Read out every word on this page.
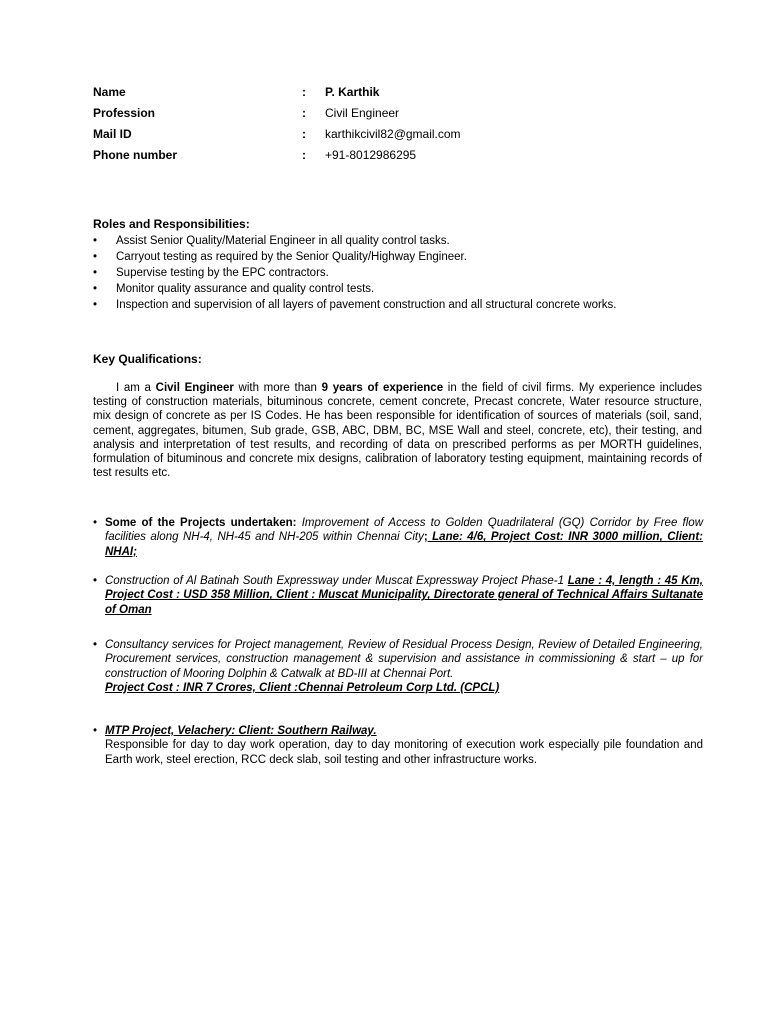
Name	: P. Karthik
Profession	: Civil Engineer
Mail ID	: karthikcivil82@gmail.com
Phone number	: +91-8012986295
Roles and Responsibilities:
• Assist Senior Quality/Material Engineer in all quality control tasks.
• Carryout testing as required by the Senior Quality/Highway Engineer.
• Supervise testing by the EPC contractors.
• Monitor quality assurance and quality control tests.
• Inspection and supervision of all layers of pavement construction and all structural concrete works.
Key Qualifications:

I am a Civil Engineer with more than 9 years of experience in the field of civil firms. My experience includes testing of construction materials, bituminous concrete, cement concrete, Precast concrete, Water resource structure, mix design of concrete as per IS Codes. He has been responsible for identification of sources of materials (soil, sand, cement, aggregates, bitumen, Sub grade, GSB, ABC, DBM, BC, MSE Wall and steel, concrete, etc), their testing, and analysis and interpretation of test results, and recording of data on prescribed performs as per MORTH guidelines, formulation of bituminous and concrete mix designs, calibration of laboratory testing equipment, maintaining records of test results etc.

• Some of the Projects undertaken: Improvement of Access to Golden Quadrilateral (GQ) Corridor by Free flow facilities along NH-4, NH-45 and NH-205 within Chennai City; Lane: 4/6, Project Cost: INR 3000 million, Client: NHAI;
• Construction of Al Batinah South Expressway under Muscat Expressway Project Phase-1 Lane : 4, length : 45 Km, Project Cost : USD 358 Million, Client : Muscat Municipality, Directorate general of Technical Affairs Sultanate of Oman
• Consultancy services for Project management, Review of Residual Process Design, Review of Detailed Engineering, Procurement services, construction management & supervision and assistance in commissioning & start – up for construction of Mooring Dolphin & Catwalk at BD-III at Chennai Port.
Project Cost : INR 7 Crores, Client :Chennai Petroleum Corp Ltd. (CPCL)
• MTP Project, Velachery: Client: Southern Railway.
Responsible for day to day work operation, day to day monitoring of execution work especially pile foundation and Earth work, steel erection, RCC deck slab, soil testing and other infrastructure works.
